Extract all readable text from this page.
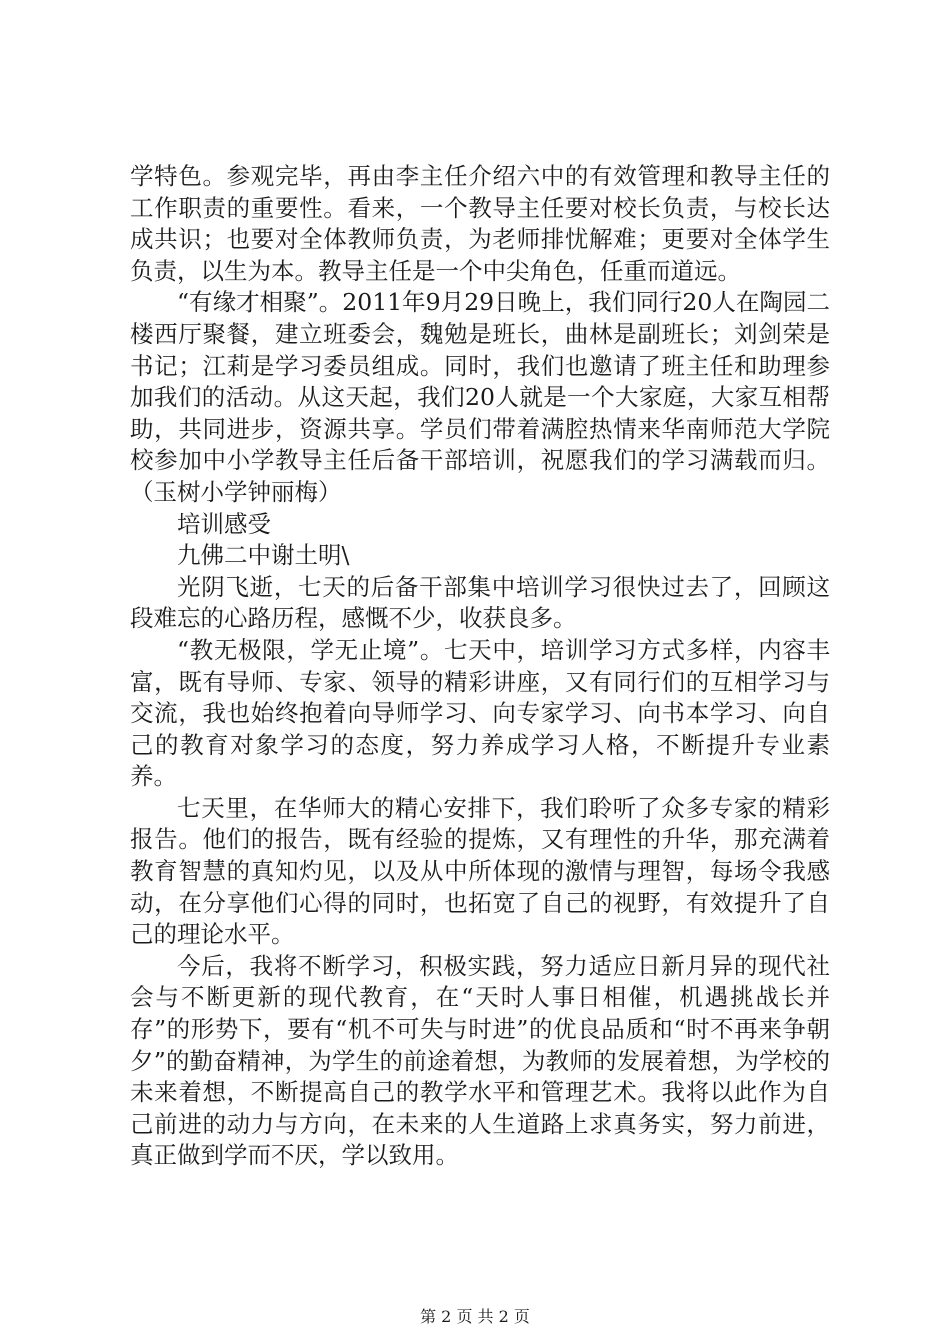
学特色。参观完毕，再由李主任介绍六中的有效管理和教导主任的工作职责的重要性。看来，一个教导主任要对校长负责，与校长达成共识；也要对全体教师负责，为老师排忧解难；更要对全体学生负责，以生为本。教导主任是一个中尖角色，任重而道远。

“有缘才相聚”。2011年9月29日晚上，我们同行20人在陶园二楼西厅聚餐，建立班委会，魏勉是班长，曲林是副班长；刘剑荣是书记；江莉是学习委员组成。同时，我们也邀请了班主任和助理参加我们的活动。从这天起，我们20人就是一个大家庭，大家互相帮助，共同进步，资源共享。学员们带着满腔热情来华南师范大学院校参加中小学教导主任后备干部培训，祝愿我们的学习满载而归。（玉树小学钟丽梅）

培训感受

九佛二中谢土明\

光阴飞逝，七天的后备干部集中培训学习很快过去了，回顾这段难忘的心路历程，感慨不少，收获良多。

“教无极限，学无止境”。七天中，培训学习方式多样，内容丰富，既有导师、专家、领导的精彩讲座，又有同行们的互相学习与交流，我也始终抱着向导师学习、向专家学习、向书本学习、向自己的教育对象学习的态度，努力养成学习人格，不断提升专业素养。

七天里，在华师大的精心安排下，我们聆听了众多专家的精彩报告。他们的报告，既有经验的提炼，又有理性的升华，那充满着教育智慧的真知灼见，以及从中所体现的激情与理智，每场令我感动，在分享他们心得的同时，也拓宽了自己的视野，有效提升了自己的理论水平。

今后，我将不断学习，积极实践，努力适应日新月异的现代社会与不断更新的现代教育，在“天时人事日相催，机遇挑战长并存”的形势下，要有“机不可失与时进”的优良品质和“时不再来争朝夕”的勤奋精神，为学生的前途着想，为教师的发展着想，为学校的未来着想，不断提高自己的教学水平和管理艺术。我将以此作为自己前进的动力与方向，在未来的人生道路上求真务实，努力前进，真正做到学而不厌，学以致用。

第 2 页 共 2 页
